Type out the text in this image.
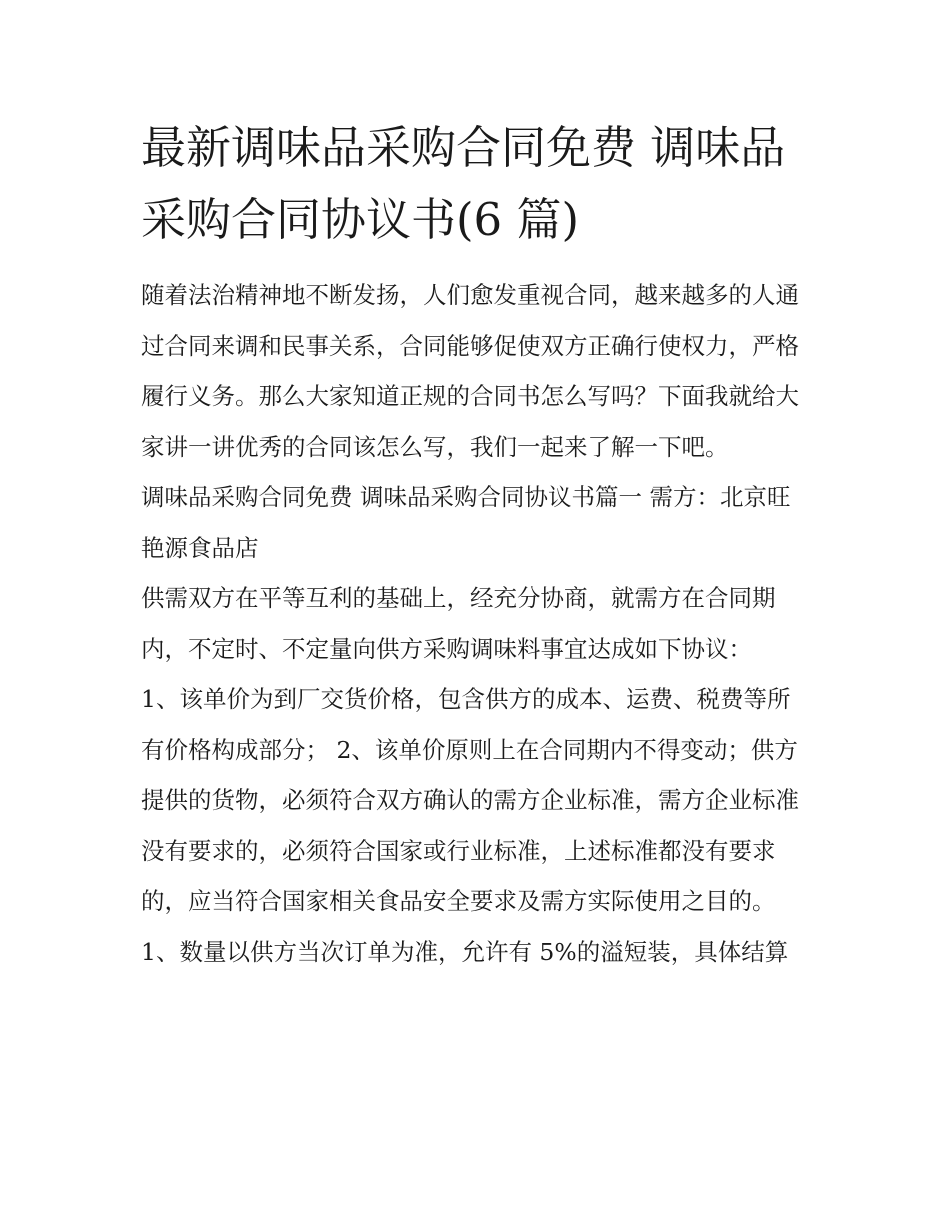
最新调味品采购合同免费 调味品采购合同协议书(6 篇)

随着法治精神地不断发扬，人们愈发重视合同，越来越多的人通过合同来调和民事关系，合同能够促使双方正确行使权力，严格履行义务。那么大家知道正规的合同书怎么写吗？下面我就给大家讲一讲优秀的合同该怎么写，我们一起来了解一下吧。

调味品采购合同免费 调味品采购合同协议书篇一 需方：北京旺艳源食品店

供需双方在平等互利的基础上，经充分协商，就需方在合同期内，不定时、不定量向供方采购调味料事宜达成如下协议：

1、该单价为到厂交货价格，包含供方的成本、运费、税费等所有价格构成部分； 2、该单价原则上在合同期内不得变动；供方提供的货物，必须符合双方确认的需方企业标准，需方企业标准没有要求的，必须符合国家或行业标准，上述标准都没有要求的，应当符合国家相关食品安全要求及需方实际使用之目的。

1、数量以供方当次订单为准，允许有 5%的溢短装，具体结算
